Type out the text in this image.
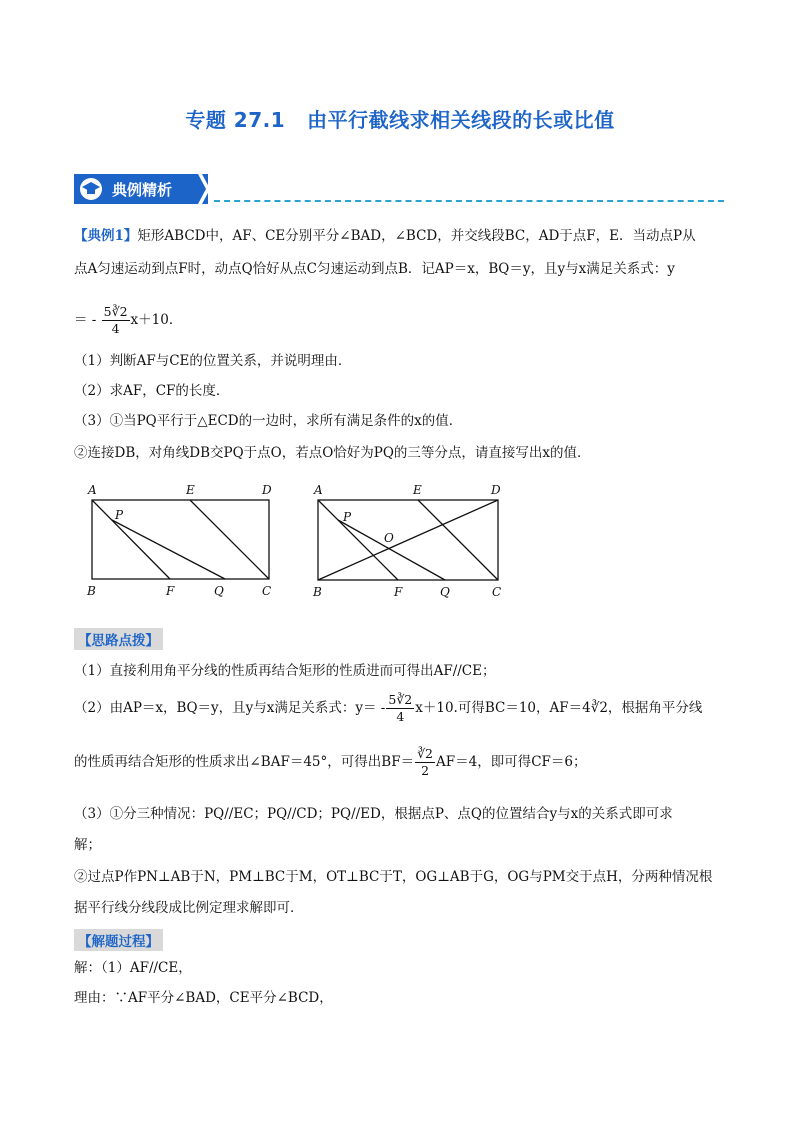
专题 27.1 由平行截线求相关线段的长或比值
典例精析
【典例1】矩形ABCD中，AF、CE分别平分∠BAD，∠BCD，并交线段BC，AD于点F，E．当动点P从
点A匀速运动到点F时，动点Q恰好从点C匀速运动到点B．记AP＝x，BQ＝y，且y与x满足关系式：y
＝ - $\frac{5∛2}{4} x+10$．
（1）判断AF与CE的位置关系，并说明理由．
（2）求AF，CF的长度．
（3）①当PQ平行于△ECD的一边时，求所有满足条件的x的值．
②连接DB，对角线DB交PQ于点O，若点O恰好为PQ的三等分点，请直接写出x的值．
A	E	D
P
B	F	Q	C
A	E	D
P
O
B	F	Q	C
【思路点拨】
（1）直接利用角平分线的性质再结合矩形的性质进而可得出AF//CE；
（2）由AP＝x，BQ＝y，且y与x满足关系式：$y= - \frac{5∛2}{4} x+10$.可得BC＝10，AF＝4∛2，根据角平分线
的性质再结合矩形的性质求出∠BAF＝45°，可得出$BF= \frac{∛2}{2} AF=4$，即可得CF＝6；
（3）①分三种情况：PQ//EC；PQ//CD；PQ//ED，根据点P、点Q的位置结合y与x的关系式即可求
解；
②过点P作PN⊥AB于N，PM⊥BC于M，OT⊥BC于T，OG⊥AB于G，OG与PM交于点H，分两种情况根
据平行线分线段成比例定理求解即可．
【解题过程】
解：（1）AF//CE，
理由：∵AF平分∠BAD，CE平分∠BCD，
